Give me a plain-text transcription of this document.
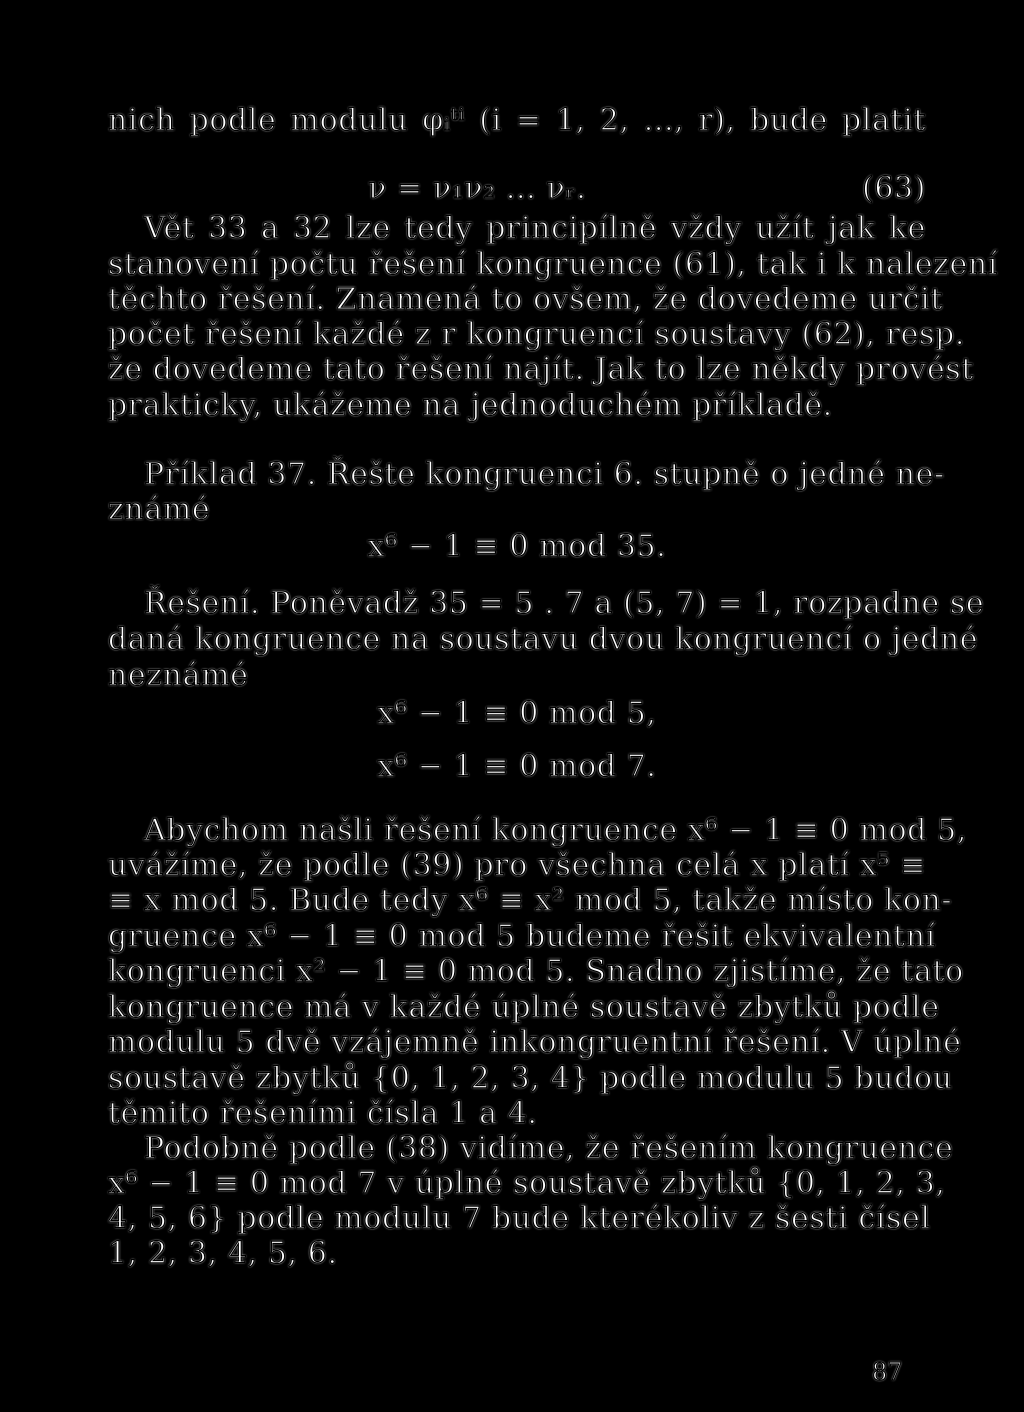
nich podle modulu φᵢᵗⁱ (i = 1, 2, ..., r), bude platit
ν = ν₁ν₂ ... νᵣ.	(63)
Vět 33 a 32 lze tedy principílně vždy užít jak ke
stanovení počtu řešení kongruence (61), tak i k nalezení
těchto řešení. Znamená to ovšem, že dovedeme určit
počet řešení každé z r kongruencí soustavy (62), resp.
že dovedeme tato řešení najít. Jak to lze někdy provést
prakticky, ukážeme na jednoduchém příkladě.
Příklad 37. Řešte kongruenci 6. stupně o jedné ne-
známé
x⁶ − 1 ≡ 0 mod 35.
Řešení. Poněvadž 35 = 5 . 7 a (5, 7) = 1, rozpadne se
daná kongruence na soustavu dvou kongruencí o jedné
neznámé
x⁶ − 1 ≡ 0 mod 5,
x⁶ − 1 ≡ 0 mod 7.
Abychom našli řešení kongruence x⁶ − 1 ≡ 0 mod 5,
uvážíme, že podle (39) pro všechna celá x platí x⁵ ≡
≡ x mod 5. Bude tedy x⁶ ≡ x² mod 5, takže místo kon-
gruence x⁶ − 1 ≡ 0 mod 5 budeme řešit ekvivalentní
kongruenci x² − 1 ≡ 0 mod 5. Snadno zjistíme, že tato
kongruence má v každé úplné soustavě zbytků podle
modulu 5 dvě vzájemně inkongruentní řešení. V úplné
soustavě zbytků {0, 1, 2, 3, 4} podle modulu 5 budou
těmito řešeními čísla 1 a 4.
Podobně podle (38) vidíme, že řešením kongruence
x⁶ − 1 ≡ 0 mod 7 v úplné soustavě zbytků {0, 1, 2, 3,
4, 5, 6} podle modulu 7 bude kterékoliv z šesti čísel
1, 2, 3, 4, 5, 6.
87
